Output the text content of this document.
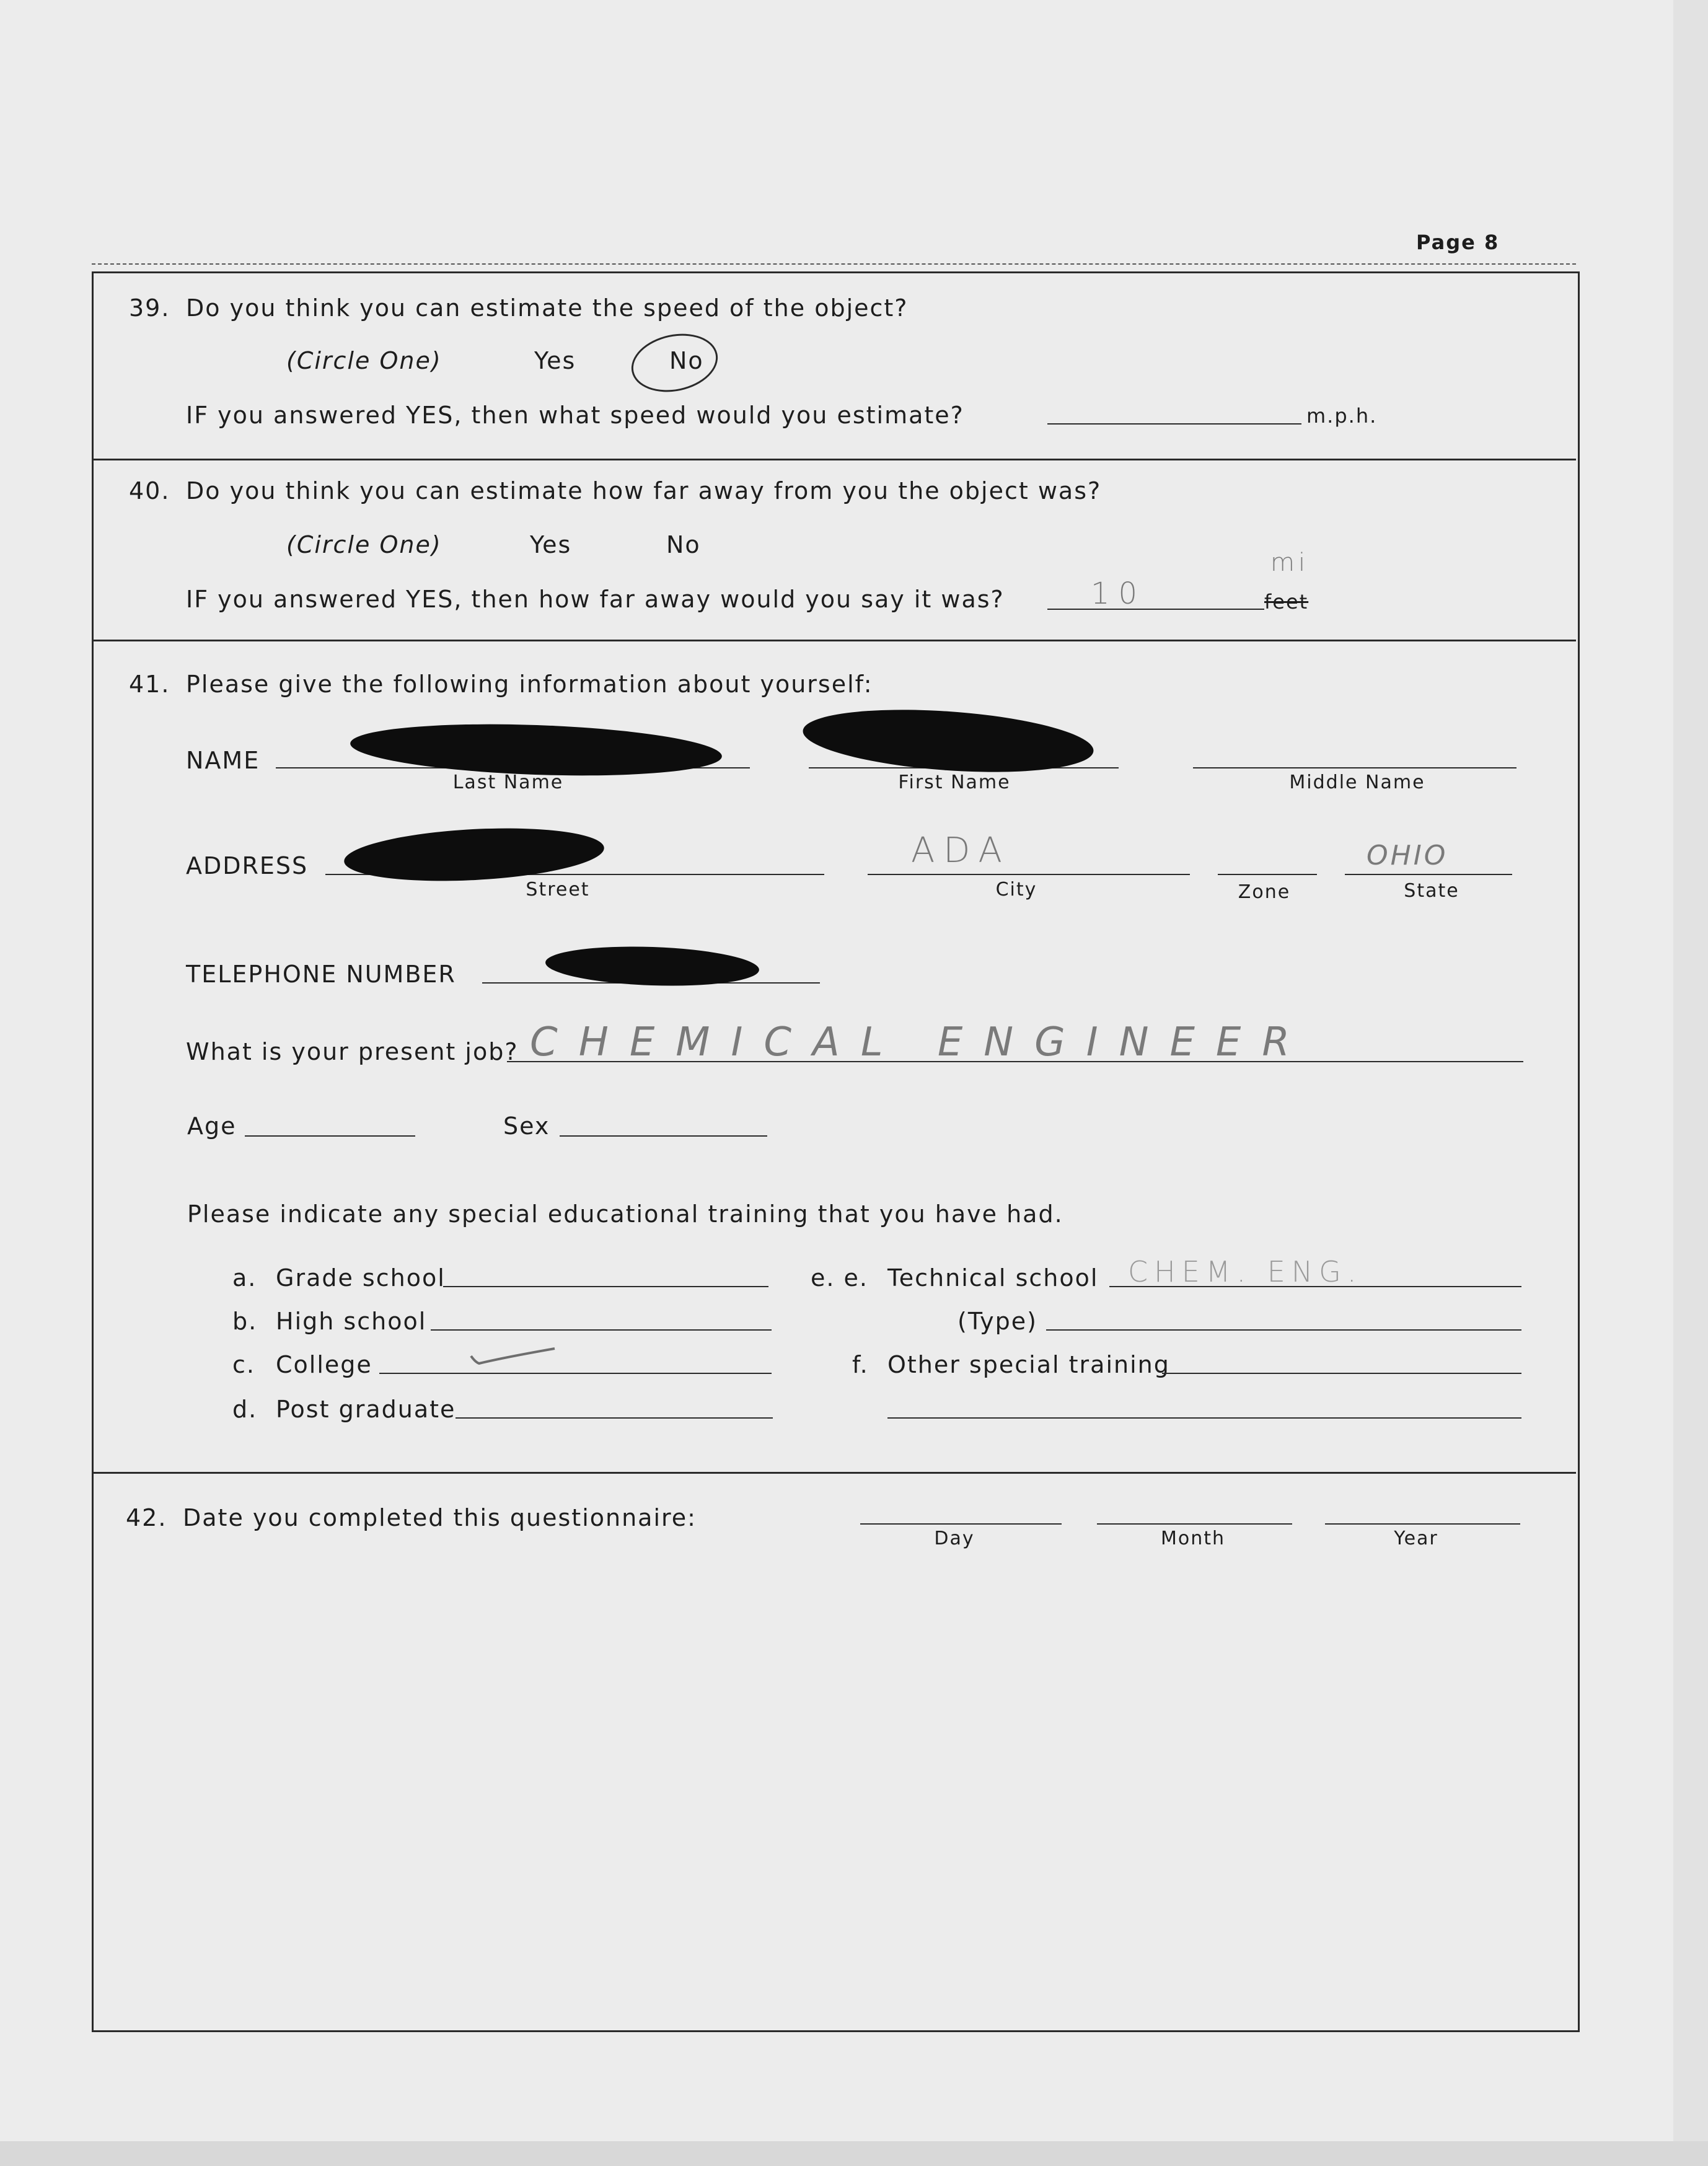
Page 8
39. Do you think you can estimate the speed of the object?
(Circle One)	Yes	No
IF you answered YES, then what speed would you estimate?	m.p.h.
40. Do you think you can estimate how far away from you the object was?
(Circle One)	Yes	No
IF you answered YES, then how far away would you say it was?	10
mi
feet
41. Please give the following information about yourself:
NAME
Last Name	First Name	Middle Name
ADDRESS	ADA	OHIO
Street	City	Zone	State
TELEPHONE NUMBER
What is your present job? CHEMICAL ENGINEER
Age	Sex
Please indicate any special educational training that you have had.
a. Grade school
b. High school
c. College
d. Post graduate
e. e. Technical school CHEM. ENG.
(Type)
f. Other special training
42. Date you completed this questionnaire:
Day	Month	Year
